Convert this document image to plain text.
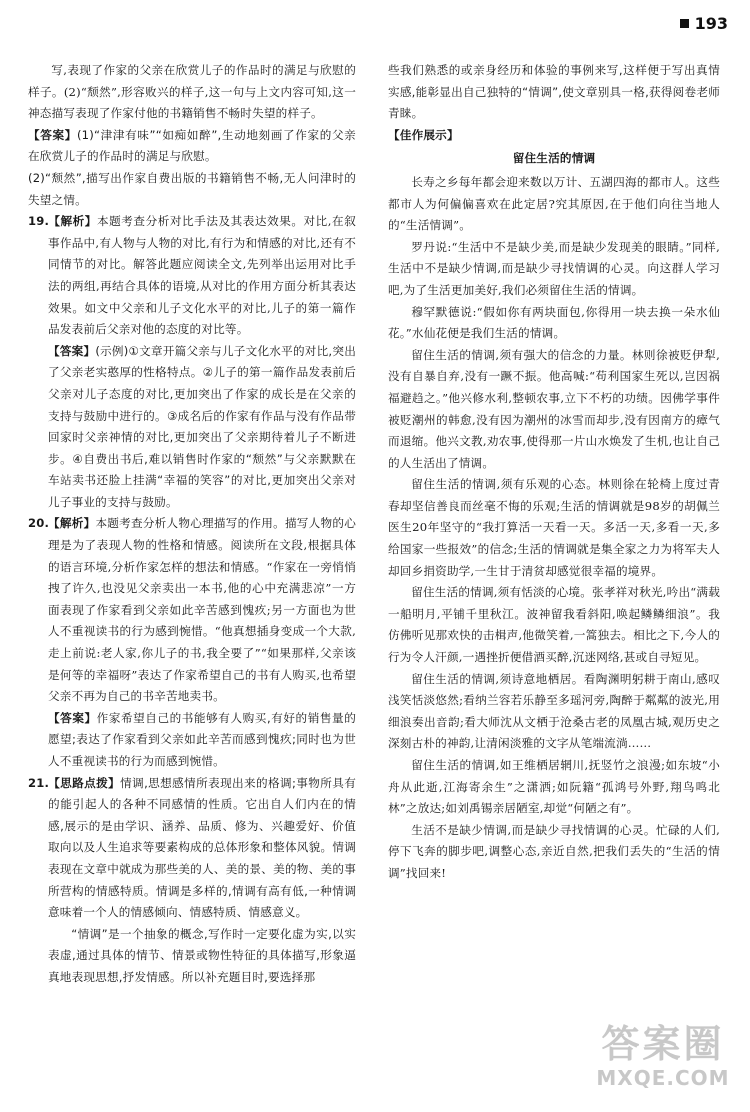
193

写,表现了作家的父亲在欣赏儿子的作品时的满足与欣慰的样子。(2)“颓然”,形容败兴的样子,这一句与上文内容可知,这一神态描写表现了作家付他的书籍销售不畅时失望的样子。

【答案】(1)“津津有味”“如痴如醉”,生动地刻画了作家的父亲在欣赏儿子的作品时的满足与欣慰。

(2)“颓然”,描写出作家自费出版的书籍销售不畅,无人问津时的失望之情。

19.【解析】本题考查分析对比手法及其表达效果。对比,在叙事作品中,有人物与人物的对比,有行为和情感的对比,还有不同情节的对比。解答此题应阅读全文,先列举出运用对比手法的两组,再结合具体的语境,从对比的作用方面分析其表达效果。如文中父亲和儿子文化水平的对比,儿子的第一篇作品发表前后父亲对他的态度的对比等。

【答案】(示例)①文章开篇父亲与儿子文化水平的对比,突出了父亲老实憨厚的性格特点。②儿子的第一篇作品发表前后父亲对儿子态度的对比,更加突出了作家的成长是在父亲的支持与鼓励中进行的。③成名后的作家有作品与没有作品带回家时父亲神情的对比,更加突出了父亲期待着儿子不断进步。④自费出书后,难以销售时作家的“颓然”与父亲默默在车站卖书还脸上挂满“幸福的笑容”的对比,更加突出父亲对儿子事业的支持与鼓励。

20.【解析】本题考查分析人物心理描写的作用。描写人物的心理是为了表现人物的性格和情感。阅读所在文段,根据具体的语言环境,分析作家怎样的想法和情感。“作家在一旁悄悄拽了许久,也没见父亲卖出一本书,他的心中充满悲凉”一方面表现了作家看到父亲如此辛苦感到愧疚;另一方面也为世人不重视读书的行为感到惋惜。“他真想插身变成一个大款,走上前说:老人家,你儿子的书,我全要了”“如果那样,父亲该是何等的幸福呀”表达了作家希望自己的书有人购买,也希望父亲不再为自己的书辛苦地卖书。

【答案】作家希望自己的书能够有人购买,有好的销售量的愿望;表达了作家看到父亲如此辛苦而感到愧疚;同时也为世人不重视读书的行为而感到惋惜。

21.【思路点拨】情调,思想感情所表现出来的格调;事物所具有的能引起人的各种不同感情的性质。它出自人们内在的情感,展示的是由学识、涵养、品质、修为、兴趣爱好、价值取向以及人生追求等要素构成的总体形象和整体风貌。情调表现在文章中就成为那些美的人、美的景、美的物、美的事所营构的情感特质。情调是多样的,情调有高有低,一种情调意味着一个人的情感倾向、情感特质、情感意义。

“情调”是一个抽象的概念,写作时一定要化虚为实,以实表虚,通过具体的情节、情景或物性特征的具体描写,形象逼真地表现思想,抒发情感。所以补充题目时,要选择那

些我们熟悉的或亲身经历和体验的事例来写,这样便于写出真情实感,能彰显出自己独特的“情调”,使文章别具一格,获得阅卷老师青睐。

【佳作展示】

留住生活的情调

长寿之乡每年都会迎来数以万计、五湖四海的都市人。这些都市人为何偏偏喜欢在此定居?究其原因,在于他们向往当地人的“生活情调”。

罗丹说:“生活中不是缺少美,而是缺少发现美的眼睛。”同样,生活中不是缺少情调,而是缺少寻找情调的心灵。向这群人学习吧,为了生活更加美好,我们必须留住生活的情调。

穆罕默德说:“假如你有两块面包,你得用一块去换一朵水仙花。”水仙花便是我们生活的情调。

留住生活的情调,须有强大的信念的力量。林则徐被贬伊犁,没有自暴自弃,没有一蹶不振。他高喊:“苟利国家生死以,岂因祸福避趋之。”他兴修水利,整顿农事,立下不朽的功绩。因佛学事件被贬潮州的韩愈,没有因为潮州的冰雪而却步,没有因南方的瘴气而退缩。他兴文教,劝农事,使得那一片山水焕发了生机,也让自己的人生活出了情调。

留住生活的情调,须有乐观的心态。林则徐在轮椅上度过青春却坚信善良而丝毫不悔的乐观;生活的情调就是98岁的胡佩兰医生20年坚守的“我打算活一天看一天。多活一天,多看一天,多给国家一些报效”的信念;生活的情调就是集全家之力为将军夫人却回乡捐资助学,一生甘于清贫却感觉很幸福的境界。

留住生活的情调,须有恬淡的心境。张孝祥对秋光,吟出“满载一船明月,平铺千里秋江。波神留我看斜阳,唤起鳞鳞细浪”。我仿佛听见那欢快的击楫声,他微笑着,一篙独去。相比之下,今人的行为令人汗颜,一遇挫折便借酒买醉,沉迷网络,甚或自寻短见。

留住生活的情调,须诗意地栖居。看陶渊明躬耕于南山,感叹浅笑恬淡悠然;看纳兰容若乐静至多瑶河旁,陶醉于粼粼的波光,用细浪奏出音韵;看大师沈从文栖于沧桑古老的凤凰古城,观历史之深刻古朴的神韵,让清闲淡雅的文字从笔端流淌……

留住生活的情调,如王维栖居辋川,抚竖竹之浪漫;如东坡“小舟从此逝,江海寄余生”之潇洒;如阮籍“孤鸿号外野,翔鸟鸣北林”之放达;如刘禹锡亲居陋室,却觉“何陋之有”。

生活不是缺少情调,而是缺少寻找情调的心灵。忙碌的人们,停下飞奔的脚步吧,调整心态,亲近自然,把我们丢失的“生活的情调”找回来!

答案圈
MXQE.COM
